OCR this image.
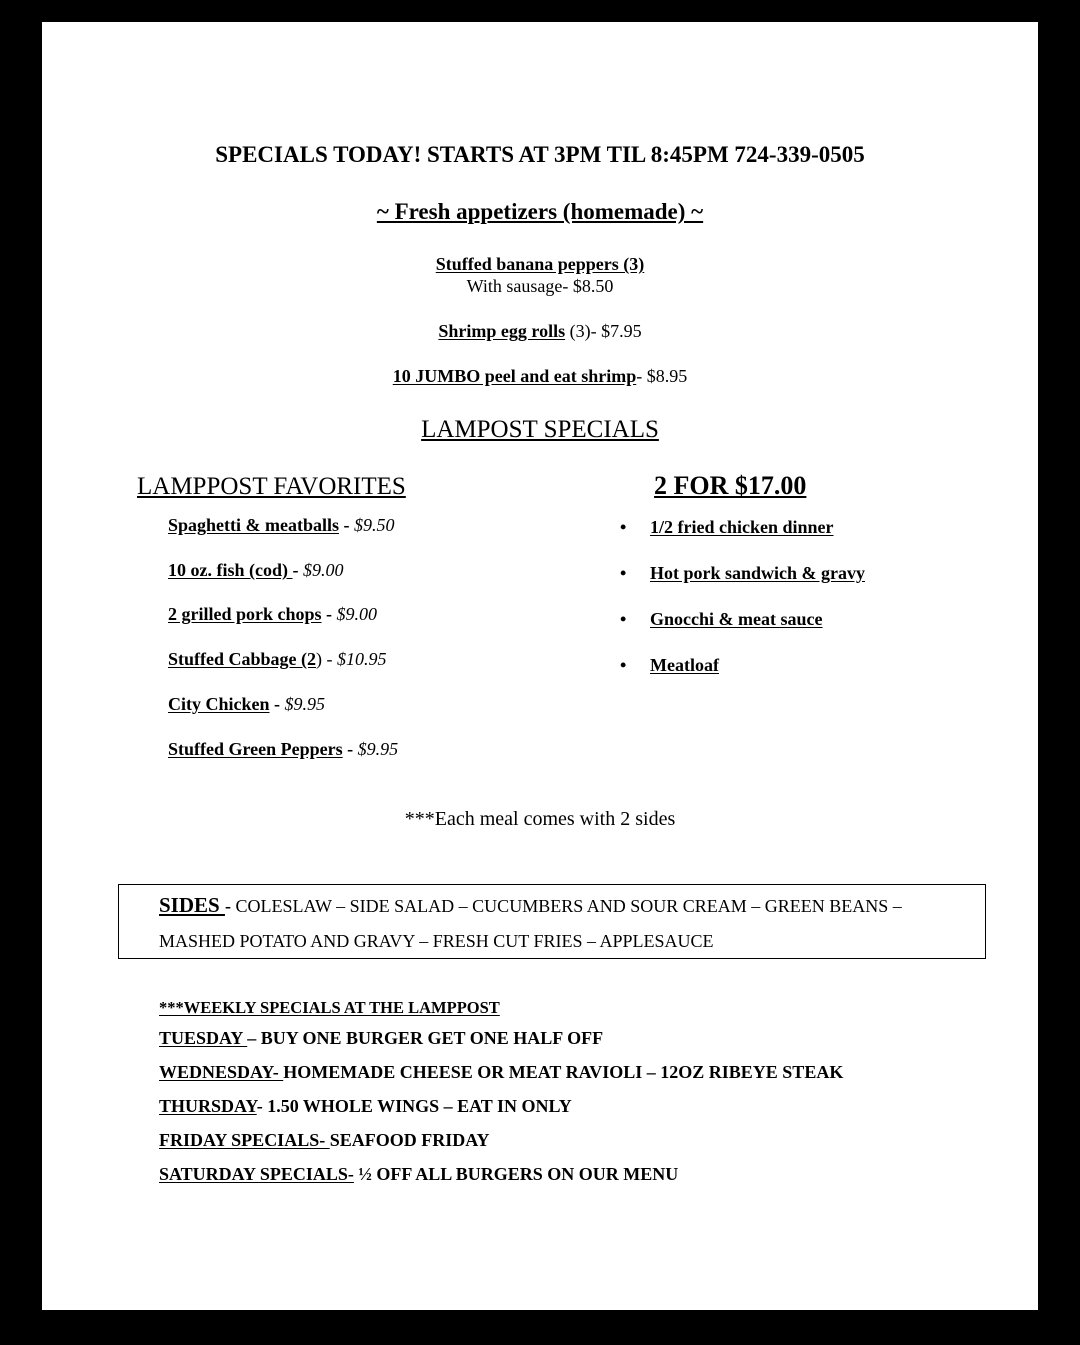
SPECIALS TODAY! STARTS AT 3PM TIL 8:45PM 724-339-0505
~ Fresh appetizers (homemade) ~
Stuffed banana peppers (3)
With sausage- $8.50
Shrimp egg rolls (3)- $7.95
10 JUMBO peel and eat shrimp- $8.95
LAMPOST SPECIALS
LAMPPOST FAVORITES	2 FOR $17.00
Spaghetti & meatballs - $9.50
10 oz. fish (cod) - $9.00
2 grilled pork chops - $9.00
Stuffed Cabbage (2) - $10.95
City Chicken - $9.95
Stuffed Green Peppers - $9.95
• 1/2 fried chicken dinner
• Hot pork sandwich & gravy
• Gnocchi & meat sauce
• Meatloaf
***Each meal comes with 2 sides
SIDES - COLESLAW – SIDE SALAD – CUCUMBERS AND SOUR CREAM – GREEN BEANS –
MASHED POTATO AND GRAVY – FRESH CUT FRIES – APPLESAUCE
***WEEKLY SPECIALS AT THE LAMPPOST
TUESDAY – BUY ONE BURGER GET ONE HALF OFF
WEDNESDAY- HOMEMADE CHEESE OR MEAT RAVIOLI – 12OZ RIBEYE STEAK
THURSDAY- 1.50 WHOLE WINGS – EAT IN ONLY
FRIDAY SPECIALS- SEAFOOD FRIDAY
SATURDAY SPECIALS- ½ OFF ALL BURGERS ON OUR MENU
